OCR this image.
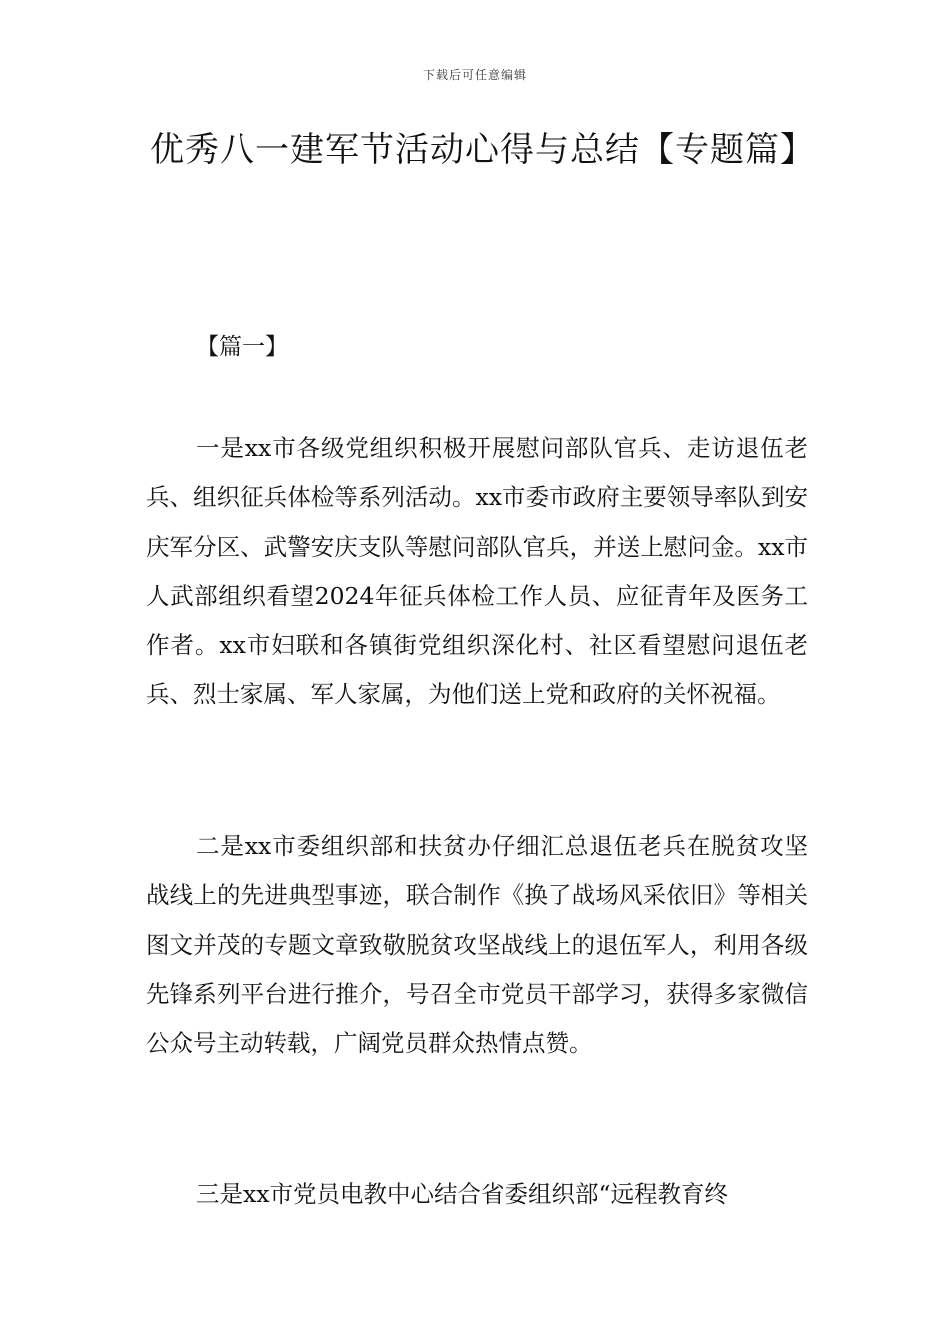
下载后可任意编辑
优秀八一建军节活动心得与总结【专题篇】
【篇一】

一是xx市各级党组织积极开展慰问部队官兵、走访退伍老兵、组织征兵体检等系列活动。xx市委市政府主要领导率队到安庆军分区、武警安庆支队等慰问部队官兵，并送上慰问金。xx市人武部组织看望2024年征兵体检工作人员、应征青年及医务工作者。xx市妇联和各镇街党组织深化村、社区看望慰问退伍老兵、烈士家属、军人家属，为他们送上党和政府的关怀祝福。

二是xx市委组织部和扶贫办仔细汇总退伍老兵在脱贫攻坚战线上的先进典型事迹，联合制作《换了战场风采依旧》等相关图文并茂的专题文章致敬脱贫攻坚战线上的退伍军人，利用各级先锋系列平台进行推介，号召全市党员干部学习，获得多家微信公众号主动转载，广阔党员群众热情点赞。

三是xx市党员电教中心结合省委组织部“远程教育终
